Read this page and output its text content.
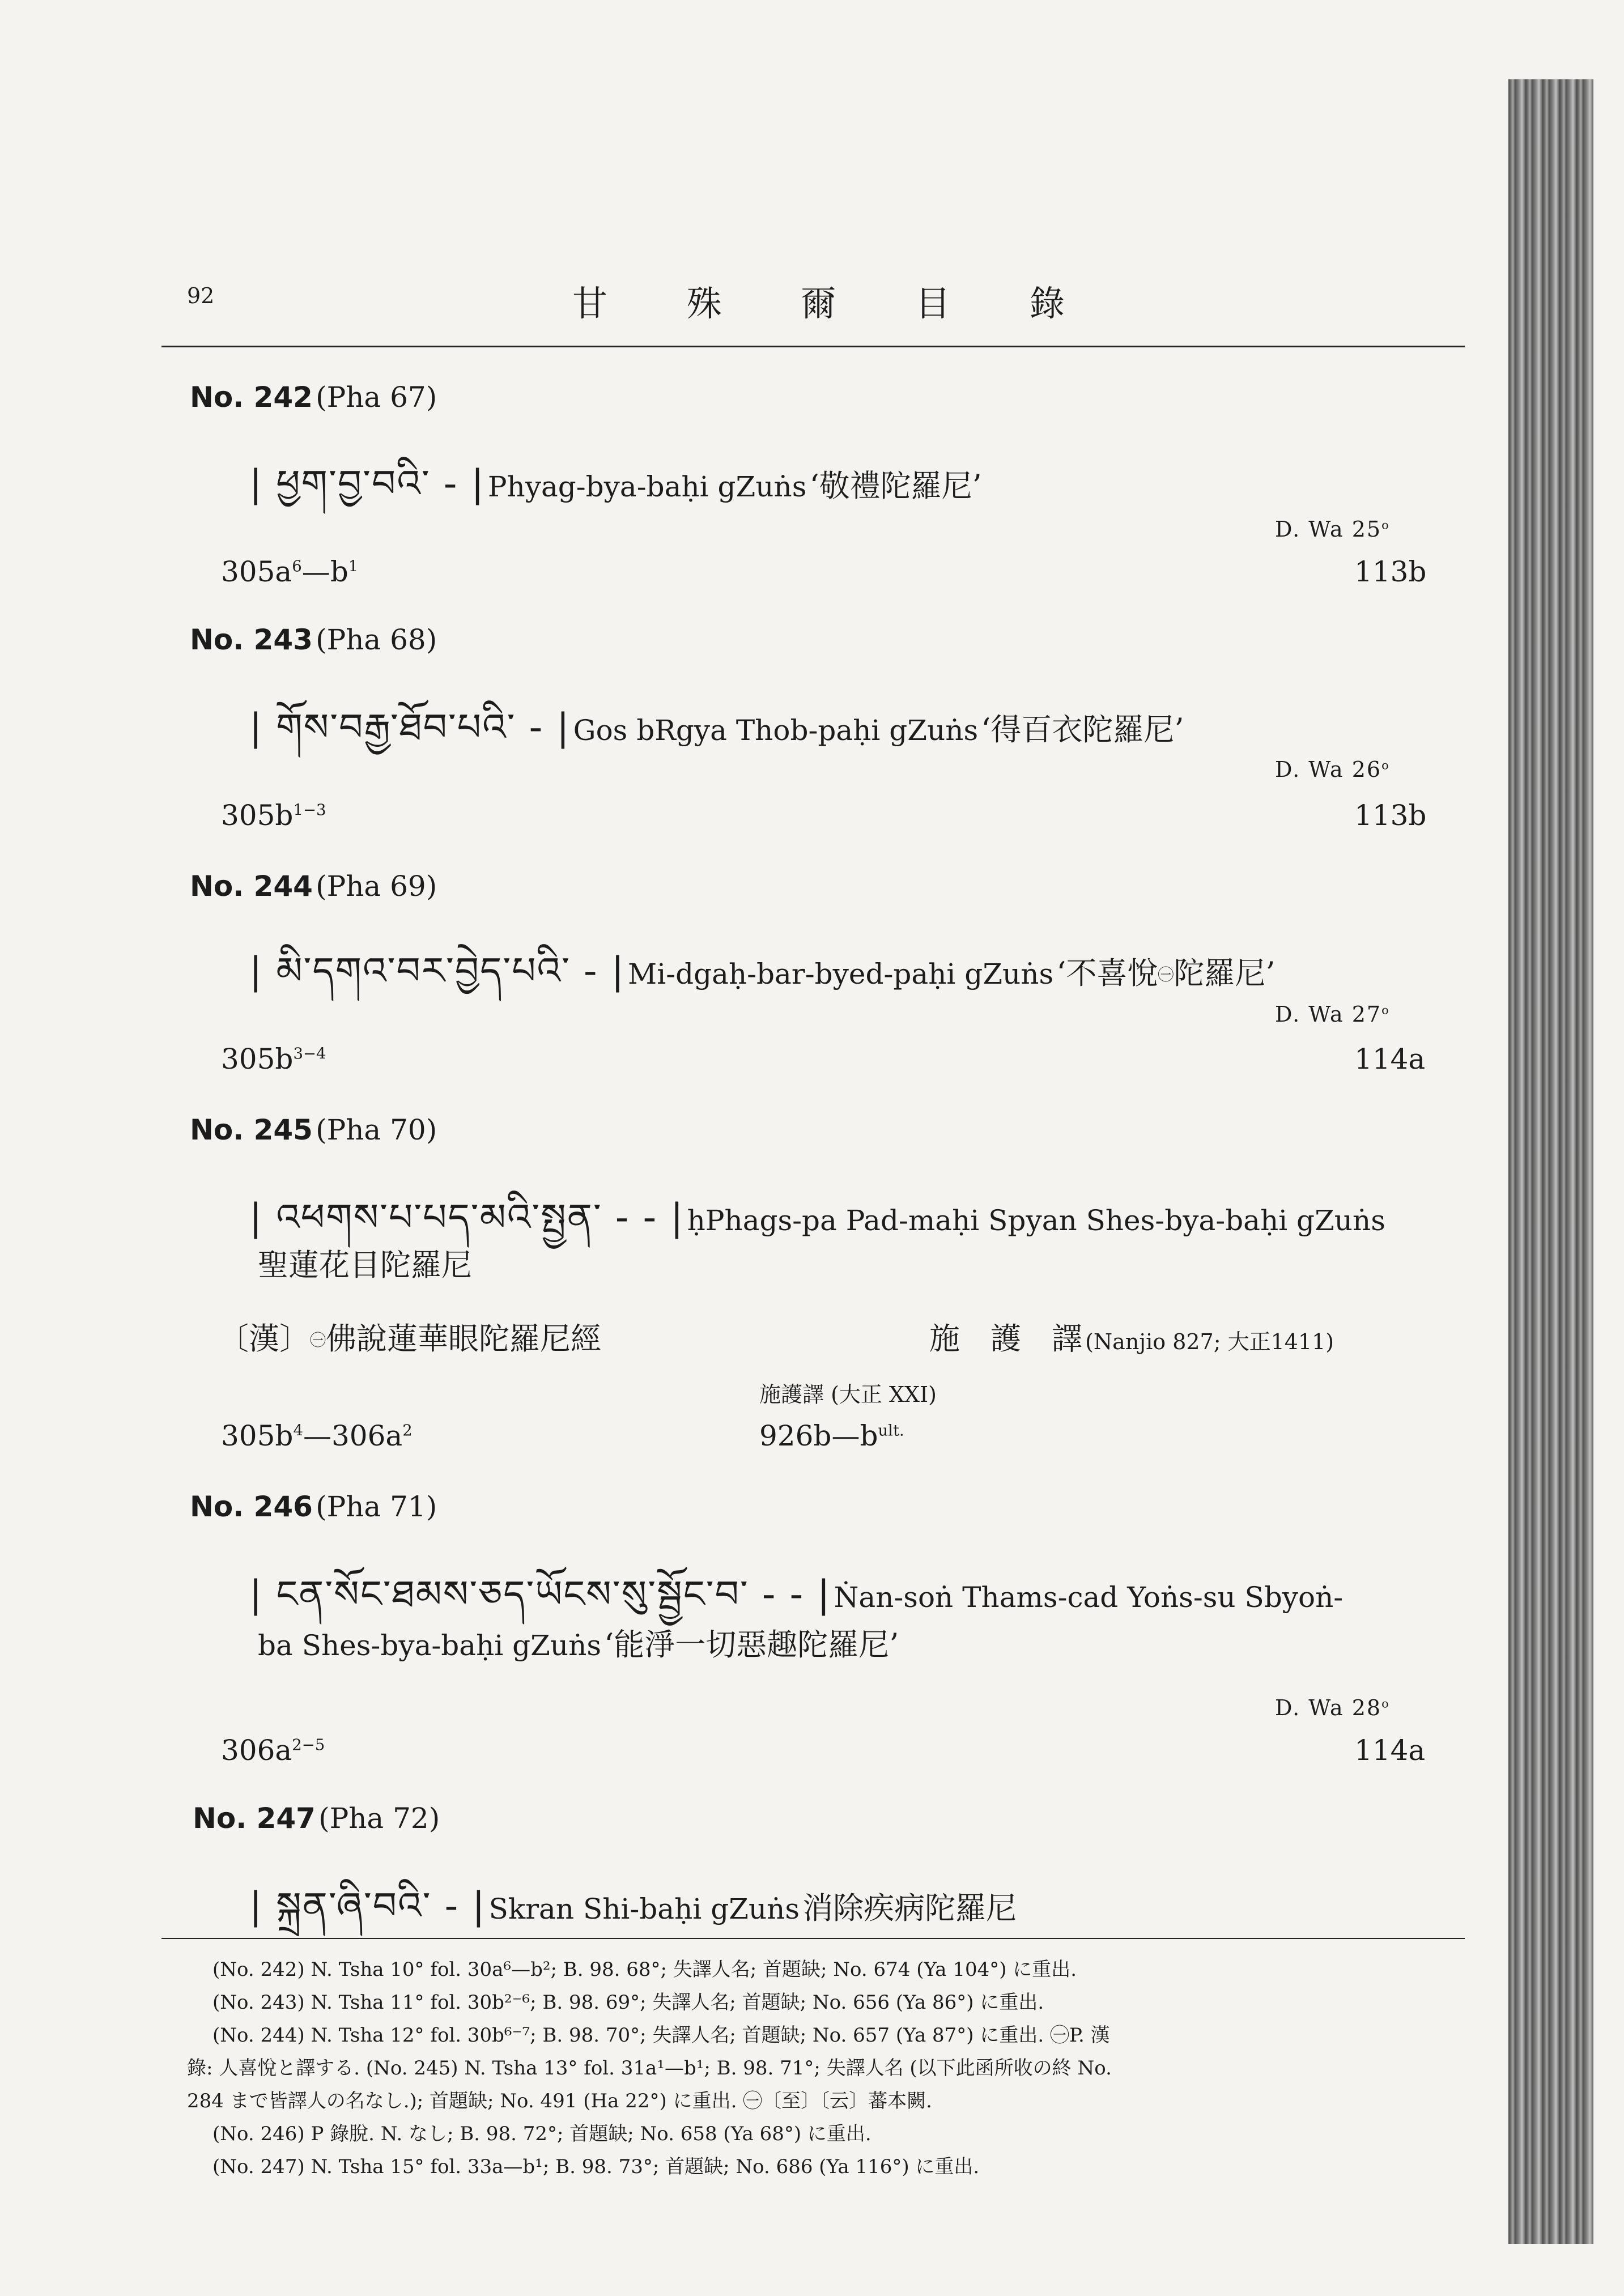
92	甘 殊 爾 目 錄
No. 242 (Pha 67)
| ཕྱག་བྱ་བའི་ - | Phyag-bya-baḥi gZuṅs ‘敬禮陀羅尼’
D. Wa 25$^o$
$305a^6—b^1$	113b
No. 243 (Pha 68)
| གོས་བརྒྱ་ཐོབ་པའི་ - | Gos bRgya Thob-paḥi gZuṅs ‘得百衣陀羅尼’
D. Wa 26$^o$
$305b^{1-3}$	113b
No. 244 (Pha 69)
| མི་དགའ་བར་བྱེད་པའི་ - | Mi-dgaḥ-bar-byed-paḥi gZuṅs ‘不喜悅$^㊀$陀羅尼’
D. Wa 27$^o$
$305b^{3-4}$	114a
No. 245 (Pha 70)
| འཕགས་པ་པད་མའི་སྤྱན་ - - | ḥPhags-pa Pad-maḥi Spyan Shes-bya-baḥi gZuṅs
聖蓮花目陀羅尼
〔漢〕$^㊀$佛說蓮華眼陀羅尼經	施　護　譯 (Nanjio 827; 大正1411)
施護譯 (大正 XXI)
$305b^4—306a^2$	$926b—b^{ult.}$
No. 246 (Pha 71)
| ངན་སོང་ཐམས་ཅད་ཡོངས་སུ་སྦྱོང་བ་ - - | Ṅan-soṅ Thams-cad Yoṅs-su Sbyoṅ-
ba Shes-bya-baḥi gZuṅs ‘能淨一切惡趣陀羅尼’
D. Wa 28$^o$
$306a^{2-5}$	114a
No. 247 (Pha 72)
| སྐྲན་ཞི་བའི་ - | Skran Shi-baḥi gZuṅs 消除疾病陀羅尼
(No. 242) N. Tsha 10° fol. 30a⁶—b²; B. 98. 68°; 失譯人名; 首題缺; No. 674 (Ya 104°) に重出.
(No. 243) N. Tsha 11° fol. 30b²⁻⁶; B. 98. 69°; 失譯人名; 首題缺; No. 656 (Ya 86°) に重出.
(No. 244) N. Tsha 12° fol. 30b⁶⁻⁷; B. 98. 70°; 失譯人名; 首題缺; No. 657 (Ya 87°) に重出. ㊀P. 漢
錄: 人喜悅と譯する. (No. 245) N. Tsha 13° fol. 31a¹—b¹; B. 98. 71°; 失譯人名 (以下此函所收の終 No.
284 まで皆譯人の名なし.); 首題缺; No. 491 (Ha 22°) に重出. ㊀〔至〕〔云〕蕃本闕.
(No. 246) P 錄脫. N. なし; B. 98. 72°; 首題缺; No. 658 (Ya 68°) に重出.
(No. 247) N. Tsha 15° fol. 33a—b¹; B. 98. 73°; 首題缺; No. 686 (Ya 116°) に重出.
